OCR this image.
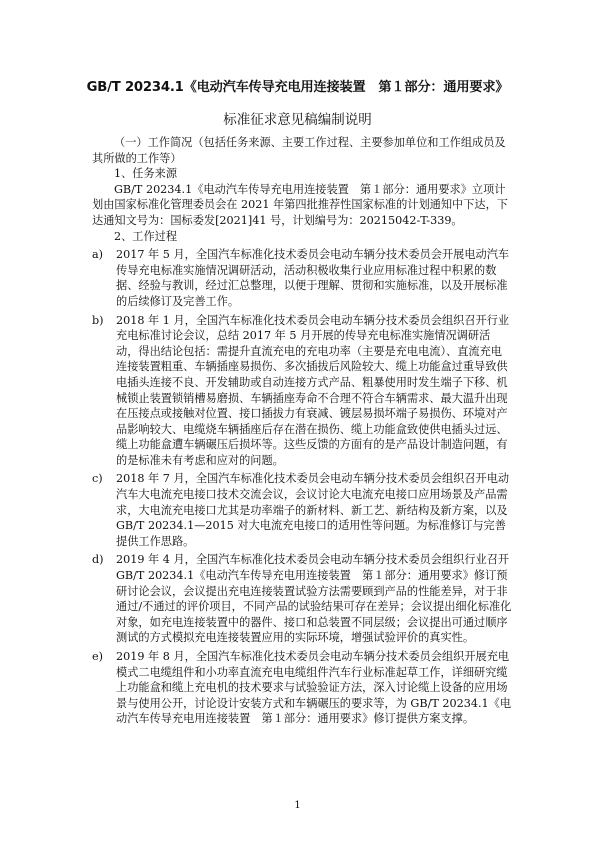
GB/T 20234.1《电动汽车传导充电用连接装置　第１部分：通用要求》
标准征求意见稿编制说明

（一）工作简况（包括任务来源、主要工作过程、主要参加单位和工作组成员及其所做的工作等）

1、任务来源

GB/T 20234.1《电动汽车传导充电用连接装置　第１部分：通用要求》立项计划由国家标准化管理委员会在 2021 年第四批推荐性国家标准的计划通知中下达，下达通知文号为：国标委发[2021]41 号，计划编号为：20215042-T-339。

2、工作过程

a) 2017 年 5 月，全国汽车标准化技术委员会电动车辆分技术委员会开展电动汽车传导充电标准实施情况调研活动，活动积极收集行业应用标准过程中积累的数据、经验与教训，经过汇总整理，以便于理解、贯彻和实施标准，以及开展标准的后续修订及完善工作。
b) 2018 年 1 月，全国汽车标准化技术委员会电动车辆分技术委员会组织召开行业充电标准讨论会议，总结 2017 年 5 月开展的传导充电标准实施情况调研活动，得出结论包括：需提升直流充电的充电功率（主要是充电电流）、直流充电连接装置粗重、车辆插座易损伤、多次插拔后风险较大、缆上功能盒过重导致供电插头连接不良、开发辅助或自动连接方式产品、粗暴使用时发生端子下移、机械锁止装置锁销槽易磨损、车辆插座寿命不合理不符合车辆需求、最大温升出现在压接点或接触对位置、接口插拔力有衰减、镀层易损坏端子易损伤、环境对产品影响较大、电缆烧车辆插座后存在潜在损伤、缆上功能盒致使供电插头过远、缆上功能盒遭车辆碾压后损坏等。这些反馈的方面有的是产品设计制造问题，有的是标准未有考虑和应对的问题。
c) 2018 年 7 月，全国汽车标准化技术委员会电动车辆分技术委员会组织召开电动汽车大电流充电接口技术交流会议，会议讨论大电流充电接口应用场景及产品需求，大电流充电接口尤其是功率端子的新材料、新工艺、新结构及新方案，以及 GB/T 20234.1—2015 对大电流充电接口的适用性等问题。为标准修订与完善提供工作思路。
d) 2019 年 4 月，全国汽车标准化技术委员会电动车辆分技术委员会组织行业召开 GB/T 20234.1《电动汽车传导充电用连接装置　第１部分：通用要求》修订预研讨论会议，会议提出充电连接装置试验方法需要顾到产品的性能差异，对于非通过/不通过的评价项目，不同产品的试验结果可存在差异；会议提出细化标准化对象，如充电连接装置中的器件、接口和总装置不同层级；会议提出可通过顺序测试的方式模拟充电连接装置应用的实际环境，增强试验评价的真实性。
e) 2019 年 8 月，全国汽车标准化技术委员会电动车辆分技术委员会组织开展充电模式二电缆组件和小功率直流充电电缆组件汽车行业标准起草工作，详细研究缆上功能盒和缆上充电机的技术要求与试验验证方法，深入讨论缆上设备的应用场景与使用公开，讨论设计安装方式和车辆碾压的要求等，为 GB/T 20234.1《电动汽车传导充电用连接装置　第１部分：通用要求》修订提供方案支撑。
1
